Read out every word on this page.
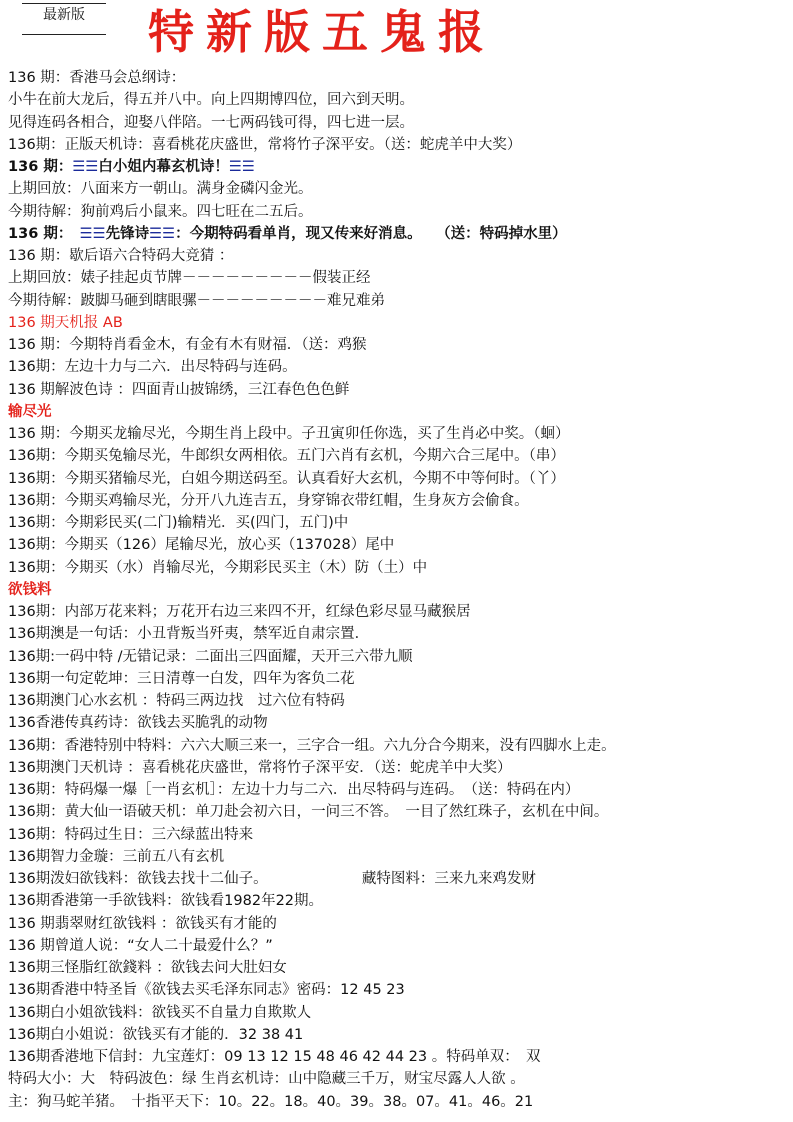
最新版	特新版五鬼报
136 期：香港马会总纲诗：
小牛在前大龙后，得五并八中。向上四期博四位，回六到天明。
见得连码各相合，迎娶八伴陪。一七两码钱可得，四七进一层。
136期：正版天机诗：喜看桃花庆盛世，常将竹子深平安。（送：蛇虎羊中大奖）
136 期：☰☰白小姐内幕玄机诗！☰☰
上期回放：八面来方一朝山。满身金磷闪金光。
今期待解：狗前鸡后小鼠来。四七旺在二五后。
136 期：　 ☰☰先锋诗☰☰：今期特码看单肖，现又传来好消息。　　 （送：特码掉水里）
136 期：歇后语六合特码大竞猜 ：
上期回放：婊子挂起贞节牌－－－－－－－－－假装正经
今期待解：跛脚马砸到瞎眼骡－－－－－－－－－难兄难弟
136 期天机报 AB
136 期：今期特肖看金木，有金有木有财福．（送：鸡猴
136期：左边十力与二六．出尽特码与连码。
136 期解波色诗 ：四面青山披锦绣，三江春色色色鲜
输尽光
136 期：今期买龙输尽光，今期生肖上段中。子丑寅卯任你选，买了生肖必中奖。（蛔）
136期：今期买兔输尽光，牛郎织女两相依。五门六肖有玄机，今期六合三尾中。（串）
136期：今期买猪输尽光，白姐今期送码至。认真看好大玄机，今期不中等何时。（丫）
136期：今期买鸡输尽光，分开八九连吉五，身穿锦衣带红帽，生身灰方会偷食。
136期：今期彩民买(二门)输精光．买(四门，五门)中
136期：今期买（126）尾输尽光，放心买（137028）尾中
136期：今期买（水）肖输尽光，今期彩民买主（木）防（土）中
欲钱料
136期：内部万花来料；万花开右边三来四不开，红绿色彩尽显马藏猴居
136期澳是一句话：小丑背叛当歼夷，禁军近自肃宗置．
136期:一码中特 /无错记录：二面出三四面耀，天开三六带九顺
136期一句定乾坤：三日清尊一白发，四年为客负二花
136期澳门心水玄机 ：特码三两边找　过六位有特码
136香港传真药诗：欲钱去买脆乳的动物
136期：香港特别中特料：六六大顺三来一，三字合一组。六九分合今期来，没有四脚水上走。
136期澳门天机诗 ：喜看桃花庆盛世，常将竹子深平安．（送：蛇虎羊中大奖）
136期：特码爆一爆［一肖玄机］：左边十力与二六．出尽特码与连码。　（送：特码在内）
136期：黄大仙一语破天机：单刀赴会初六日，一问三不答。　一目了然红珠子，玄机在中间。
136期：特码过生日：三六绿蓝出特来
136期智力金璇：三前五八有玄机
136期泼妇欲钱料：欲钱去找十二仙子。　　　　　　　藏特图料：三来九来鸡发财
136期香港第一手欲钱料：欲钱看1982年22期。
136 期翡翠财红欲钱料 ：欲钱买有才能的
136 期曾道人说：“女人二十最爱什么？”
136期三怪脂红欲錢料 ：欲钱去问大肚妇女
136期香港中特圣旨《欲钱去买毛泽东同志》密码：12 45 23
136期白小姐欲钱料：欲钱买不自量力自欺欺人
136期白小姐说：欲钱买有才能的．32 38 41
136期香港地下信封：九宝莲灯：09 13 12 15 48 46 42 44 23 。特码单双：　双
特码大小：大　特码波色：绿 生肖玄机诗：山中隐藏三千万，财宝尽露人人欲 。
主：狗马蛇羊猪。　十指平天下：10。22。18。40。39。38。07。41。46。21
